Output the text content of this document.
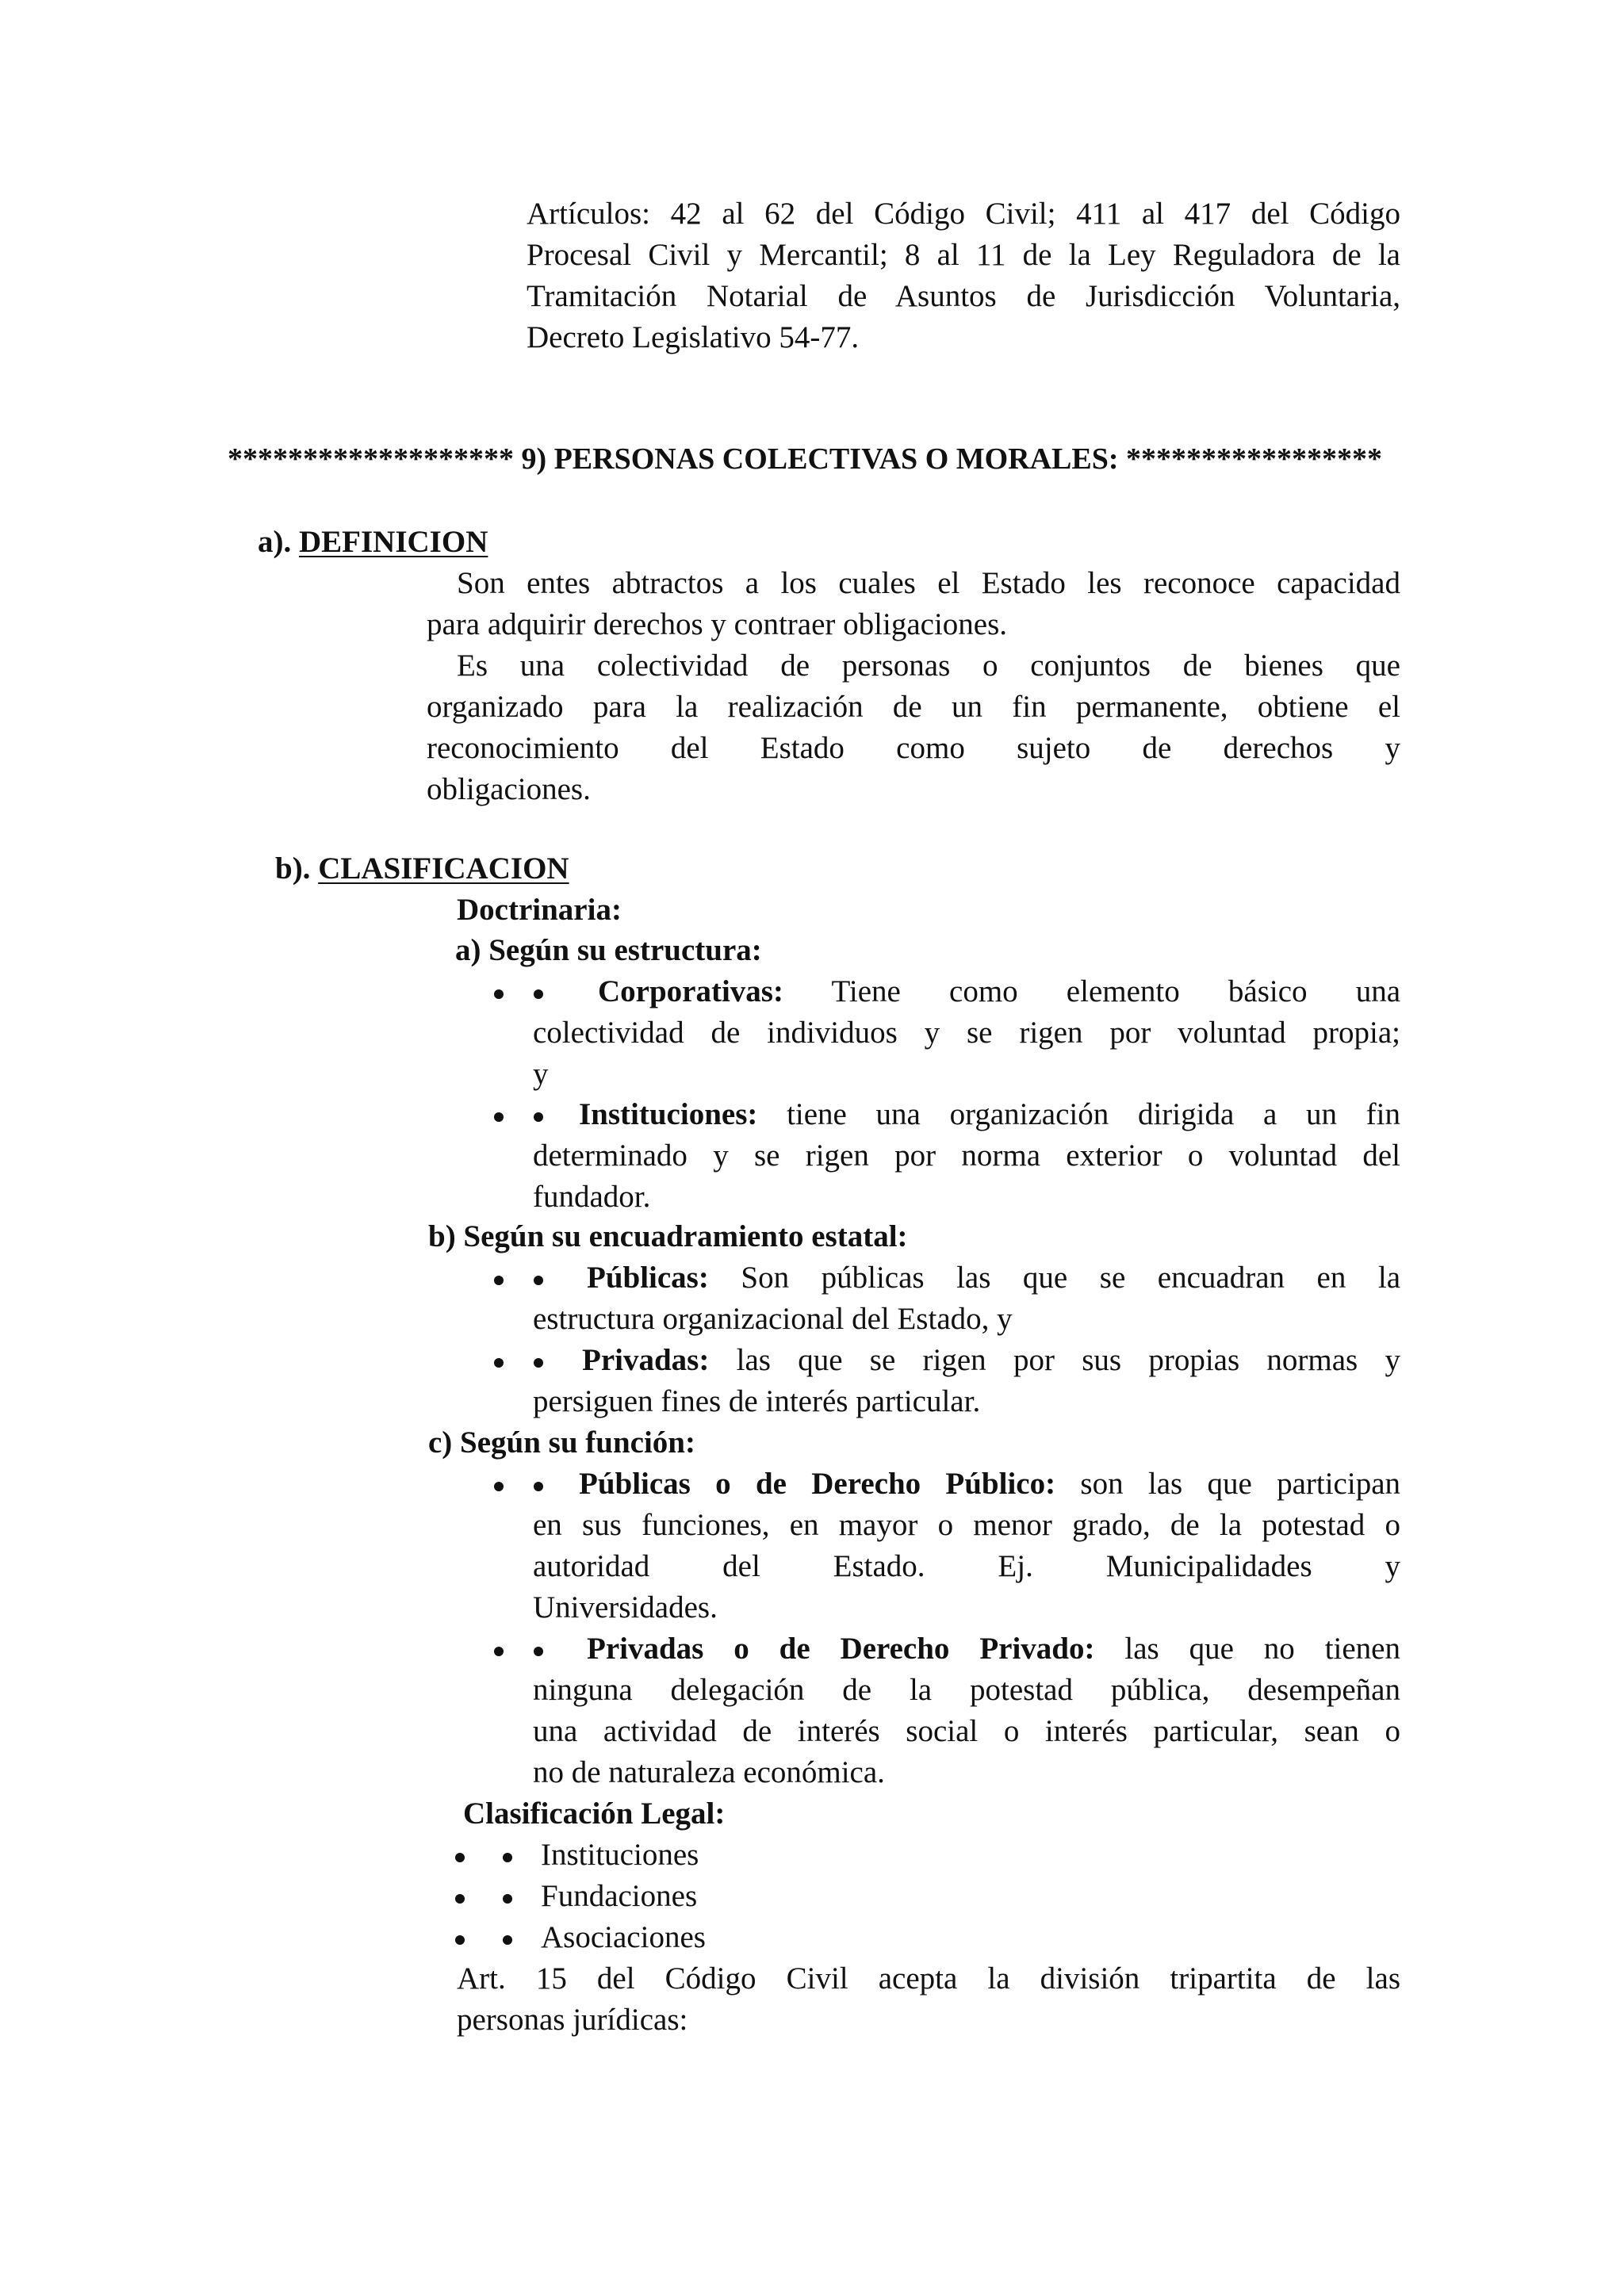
Artículos: 42 al 62 del Código Civil; 411 al 417 del Código
Procesal Civil y Mercantil; 8 al 11 de la Ley Reguladora de la
Tramitación Notarial de Asuntos de Jurisdicción Voluntaria,
Decreto Legislativo 54-77.
******************* 9) PERSONAS COLECTIVAS O MORALES: *****************
a). DEFINICION
Son entes abtractos a los cuales el Estado les reconoce capacidad
para adquirir derechos y contraer obligaciones.
Es una colectividad de personas o conjuntos de bienes que
organizado para la realización de un fin permanente, obtiene el
reconocimiento del Estado como sujeto de derechos y
obligaciones.
b). CLASIFICACION
Doctrinaria:
a) Según su estructura:

Corporativas: Tiene como elemento básico una
colectividad de individuos y se rigen por voluntad propia;
y

Instituciones: tiene una organización dirigida a un fin
determinado y se rigen por norma exterior o voluntad del
fundador.
b) Según su encuadramiento estatal:

Públicas: Son públicas las que se encuadran en la
estructura organizacional del Estado, y

Privadas: las que se rigen por sus propias normas y
persiguen fines de interés particular.
c) Según su función:

Públicas o de Derecho Público: son las que participan
en sus funciones, en mayor o menor grado, de la potestad o
autoridad del Estado. Ej. Municipalidades y
Universidades.

Privadas o de Derecho Privado: las que no tienen
ninguna delegación de la potestad pública, desempeñan
una actividad de interés social o interés particular, sean o
no de naturaleza económica.
Clasificación Legal:

Instituciones

Fundaciones

Asociaciones
Art. 15 del Código Civil acepta la división tripartita de las
personas jurídicas:
